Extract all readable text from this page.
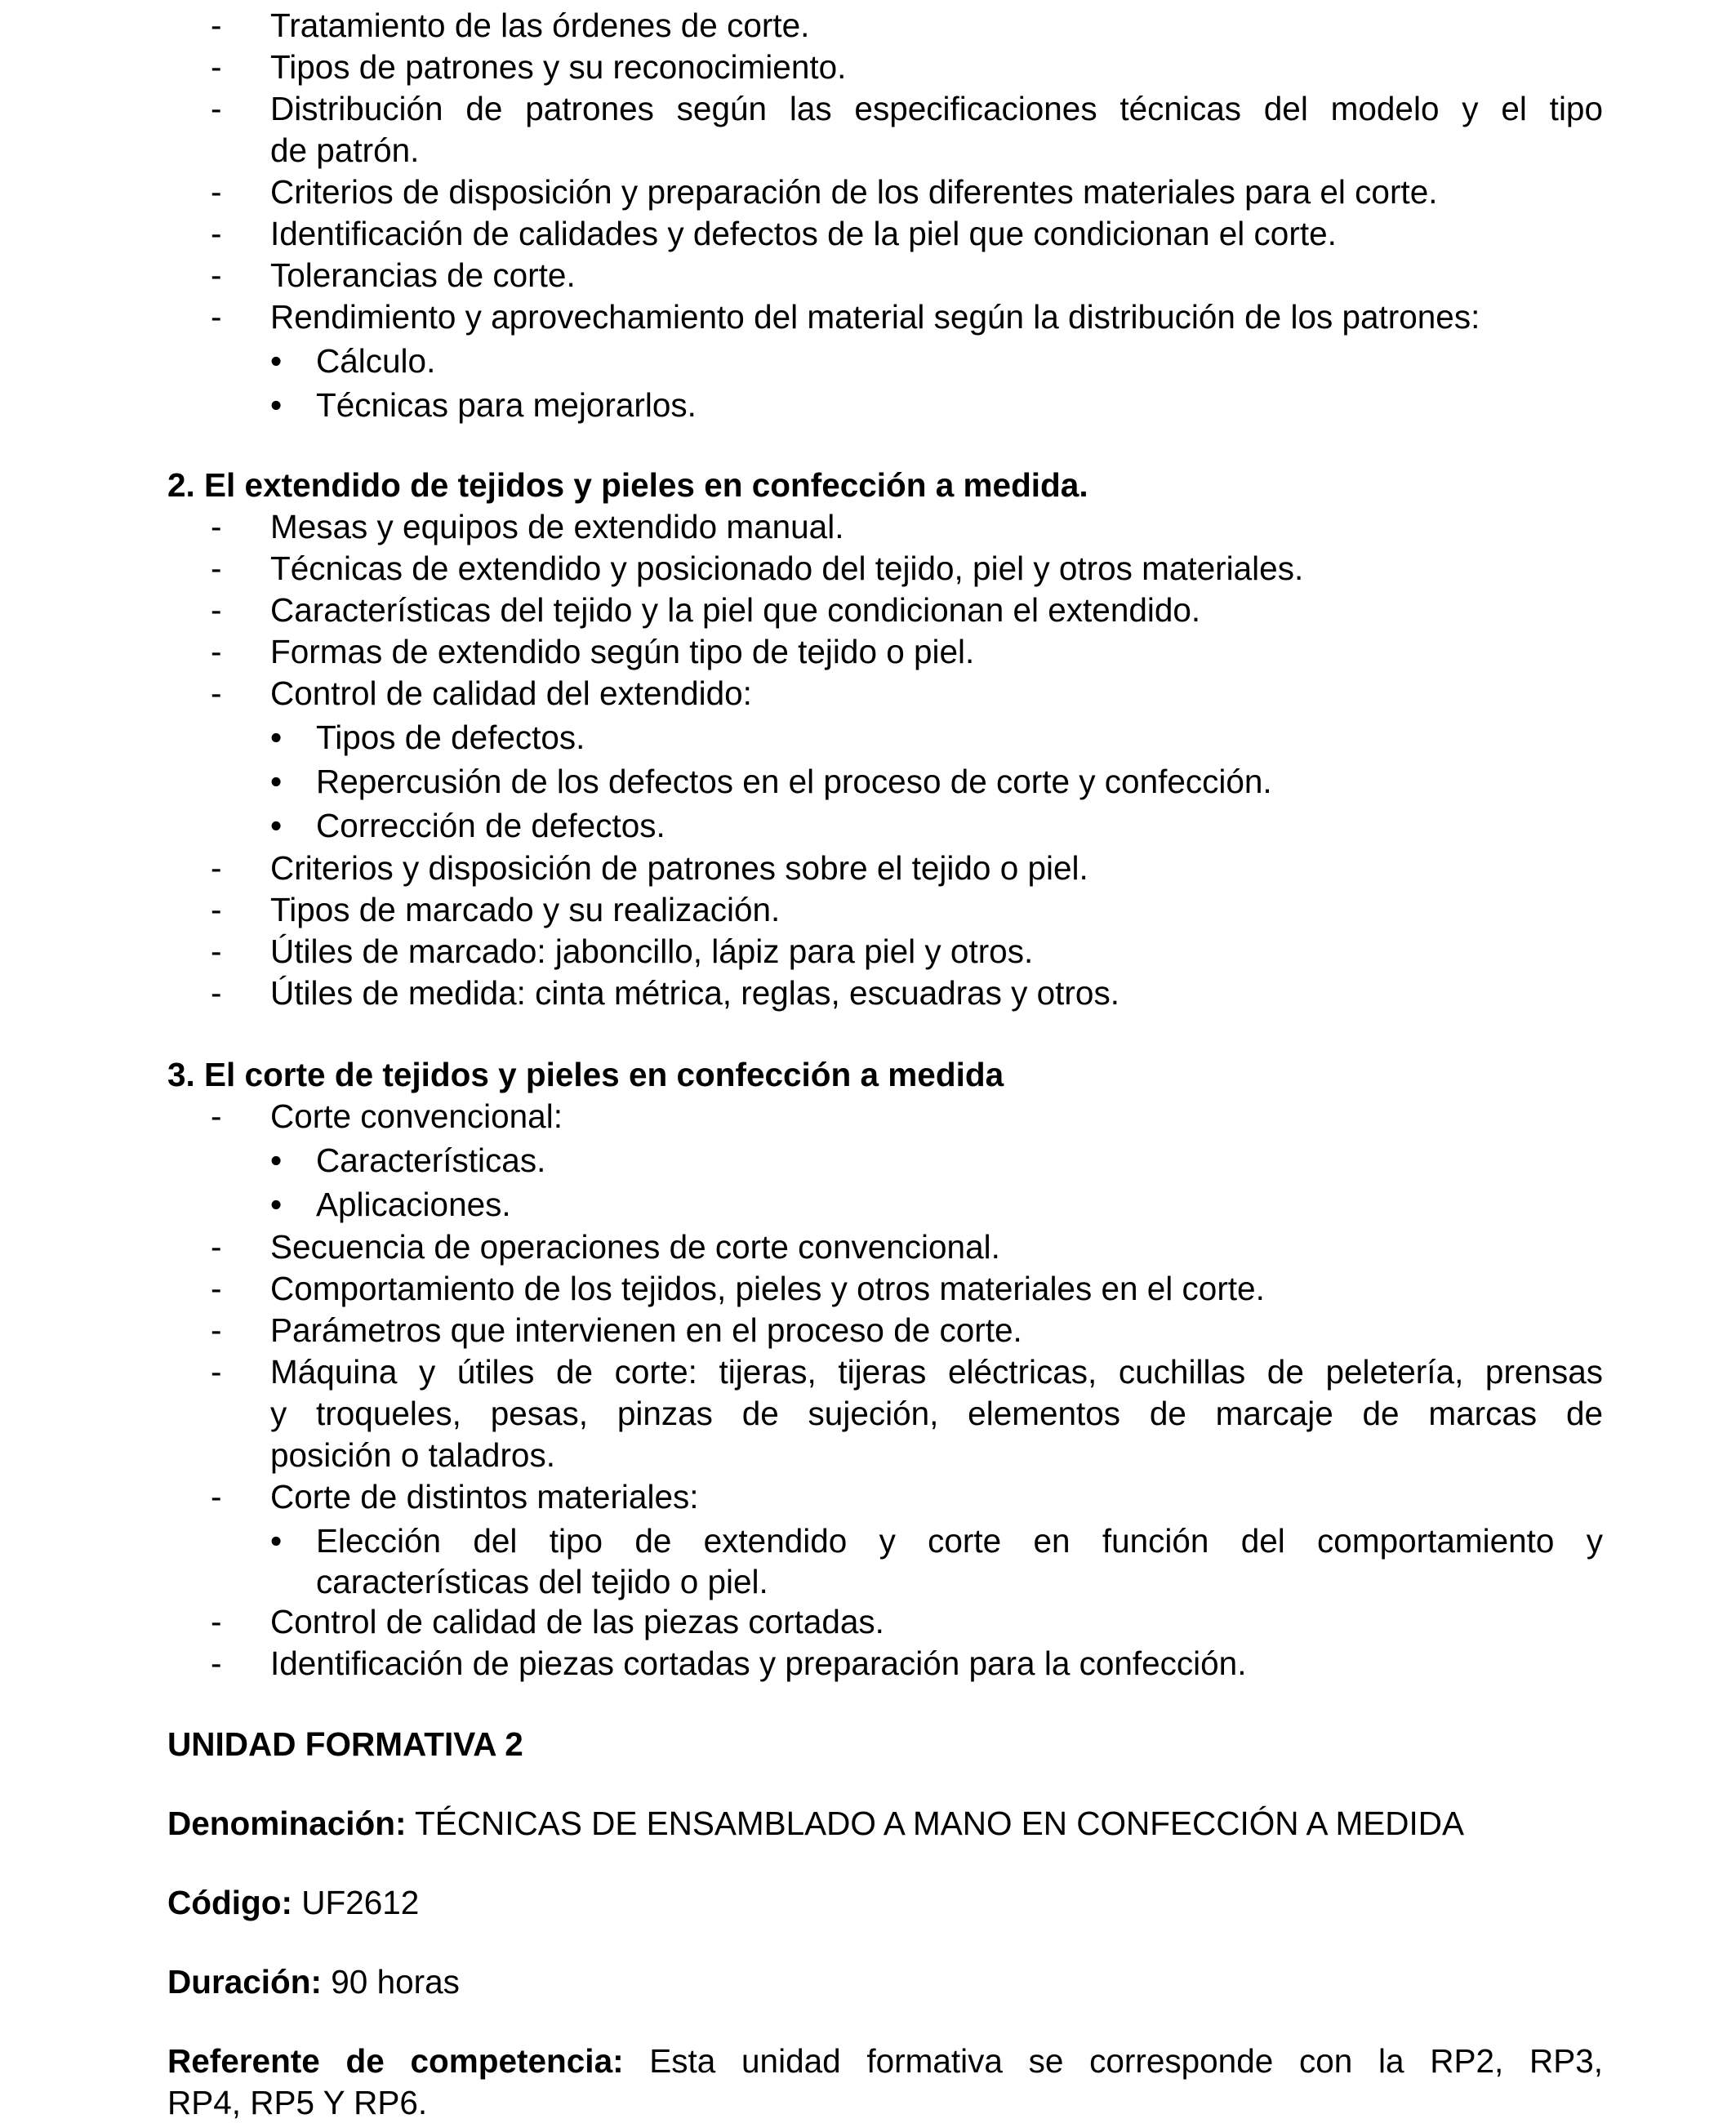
- Tratamiento de las órdenes de corte.
- Tipos de patrones y su reconocimiento.
- Distribución de patrones según las especificaciones técnicas del modelo y el tipo
de patrón.
- Criterios de disposición y preparación de los diferentes materiales para el corte.
- Identificación de calidades y defectos de la piel que condicionan el corte.
- Tolerancias de corte.
- Rendimiento y aprovechamiento del material según la distribución de los patrones:
• Cálculo.
• Técnicas para mejorarlos.
2. El extendido de tejidos y pieles en confección a medida.
- Mesas y equipos de extendido manual.
- Técnicas de extendido y posicionado del tejido, piel y otros materiales.
- Características del tejido y la piel que condicionan el extendido.
- Formas de extendido según tipo de tejido o piel.
- Control de calidad del extendido:
• Tipos de defectos.
• Repercusión de los defectos en el proceso de corte y confección.
• Corrección de defectos.
- Criterios y disposición de patrones sobre el tejido o piel.
- Tipos de marcado y su realización.
- Útiles de marcado: jaboncillo, lápiz para piel y otros.
- Útiles de medida: cinta métrica, reglas, escuadras y otros.
3. El corte de tejidos y pieles en confección a medida
- Corte convencional:
• Características.
• Aplicaciones.
- Secuencia de operaciones de corte convencional.
- Comportamiento de los tejidos, pieles y otros materiales en el corte.
- Parámetros que intervienen en el proceso de corte.
- Máquina y útiles de corte: tijeras, tijeras eléctricas, cuchillas de peletería, prensas
y troqueles, pesas, pinzas de sujeción, elementos de marcaje de marcas de
posición o taladros.
- Corte de distintos materiales:
• Elección del tipo de extendido y corte en función del comportamiento y
características del tejido o piel.
- Control de calidad de las piezas cortadas.
- Identificación de piezas cortadas y preparación para la confección.
UNIDAD FORMATIVA 2
Denominación: TÉCNICAS DE ENSAMBLADO A MANO EN CONFECCIÓN A MEDIDA
Código: UF2612
Duración: 90 horas
Referente de competencia: Esta unidad formativa se corresponde con la RP2, RP3,
RP4, RP5 Y RP6.
